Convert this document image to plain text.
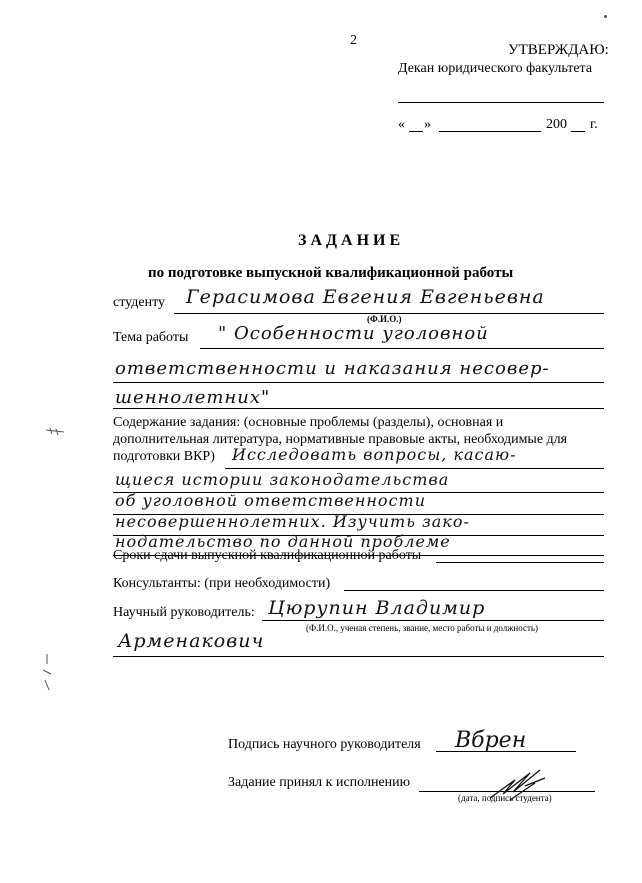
2
УТВЕРЖДАЮ:
Декан юридического факультета
« »	200 г.
З А Д А Н И Е
по подготовке выпускной квалификационной работы
студенту Герасимова Евгения Евгеньевна
(Ф.И.О.)
Тема работы " Особенности уголовной
ответственности и наказания несовер-
шеннолетних"
Содержание задания: (основные проблемы (разделы), основная и
дополнительная литература, нормативные правовые акты, необходимые для
подготовки ВКР) Исследовать вопросы, касаю-
щиеся истории законодательства
об уголовной ответственности
несовершеннолетних. Изучить зако-
нодательство по данной проблеме
Сроки сдачи выпускной квалификационной работы
Консультанты: (при необходимости)
Научный руководитель: Цюрупин Владимир
(Ф.И.О., ученая степень, звание, место работы и должность)
Арменакович
Подпись научного руководителя Вбрен
Задание принял к исполнению
(дата, подпись студента)
